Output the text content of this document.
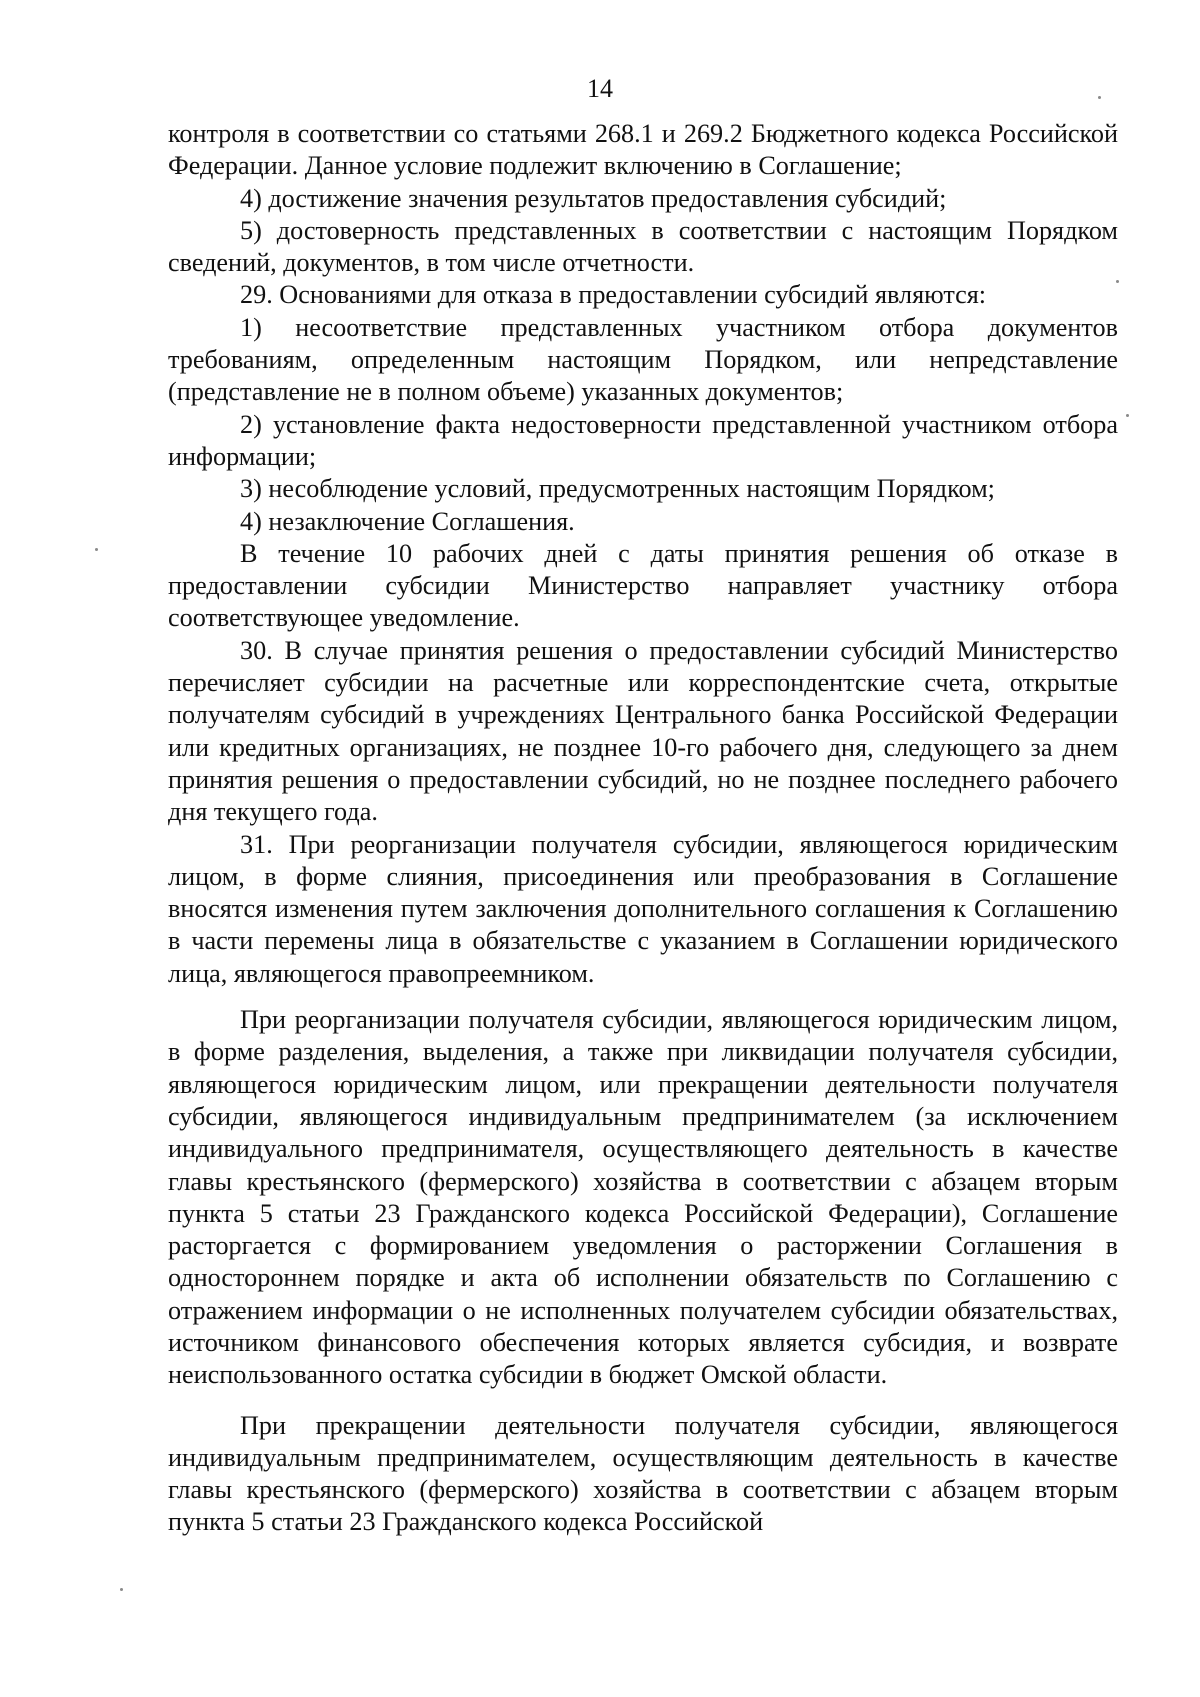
14

контроля в соответствии со статьями 268.1 и 269.2 Бюджетного кодекса Российской Федерации. Данное условие подлежит включению в Соглашение;

4) достижение значения результатов предоставления субсидий;

5) достоверность представленных в соответствии с настоящим Порядком сведений, документов, в том числе отчетности.

29. Основаниями для отказа в предоставлении субсидий являются:

1) несоответствие представленных участником отбора документов требованиям, определенным настоящим Порядком, или непредставление (представление не в полном объеме) указанных документов;

2) установление факта недостоверности представленной участником отбора информации;

3) несоблюдение условий, предусмотренных настоящим Порядком;

4) незаключение Соглашения.

В течение 10 рабочих дней с даты принятия решения об отказе в предоставлении субсидии Министерство направляет участнику отбора соответствующее уведомление.

30. В случае принятия решения о предоставлении субсидий Министерство перечисляет субсидии на расчетные или корреспондентские счета, открытые получателям субсидий в учреждениях Центрального банка Российской Федерации или кредитных организациях, не позднее 10-го рабочего дня, следующего за днем принятия решения о предоставлении субсидий, но не позднее последнего рабочего дня текущего года.

31. При реорганизации получателя субсидии, являющегося юридическим лицом, в форме слияния, присоединения или преобразования в Соглашение вносятся изменения путем заключения дополнительного соглашения к Соглашению в части перемены лица в обязательстве с указанием в Соглашении юридического лица, являющегося правопреемником.

При реорганизации получателя субсидии, являющегося юридическим лицом, в форме разделения, выделения, а также при ликвидации получателя субсидии, являющегося юридическим лицом, или прекращении деятельности получателя субсидии, являющегося индивидуальным предпринимателем (за исключением индивидуального предпринимателя, осуществляющего деятельность в качестве главы крестьянского (фермерского) хозяйства в соответствии с абзацем вторым пункта 5 статьи 23 Гражданского кодекса Российской Федерации), Соглашение расторгается с формированием уведомления о расторжении Соглашения в одностороннем порядке и акта об исполнении обязательств по Соглашению с отражением информации о не исполненных получателем субсидии обязательствах, источником финансового обеспечения которых является субсидия, и возврате неиспользованного остатка субсидии в бюджет Омской области.

При прекращении деятельности получателя субсидии, являющегося индивидуальным предпринимателем, осуществляющим деятельность в качестве главы крестьянского (фермерского) хозяйства в соответствии с абзацем вторым пункта 5 статьи 23 Гражданского кодекса Российской
